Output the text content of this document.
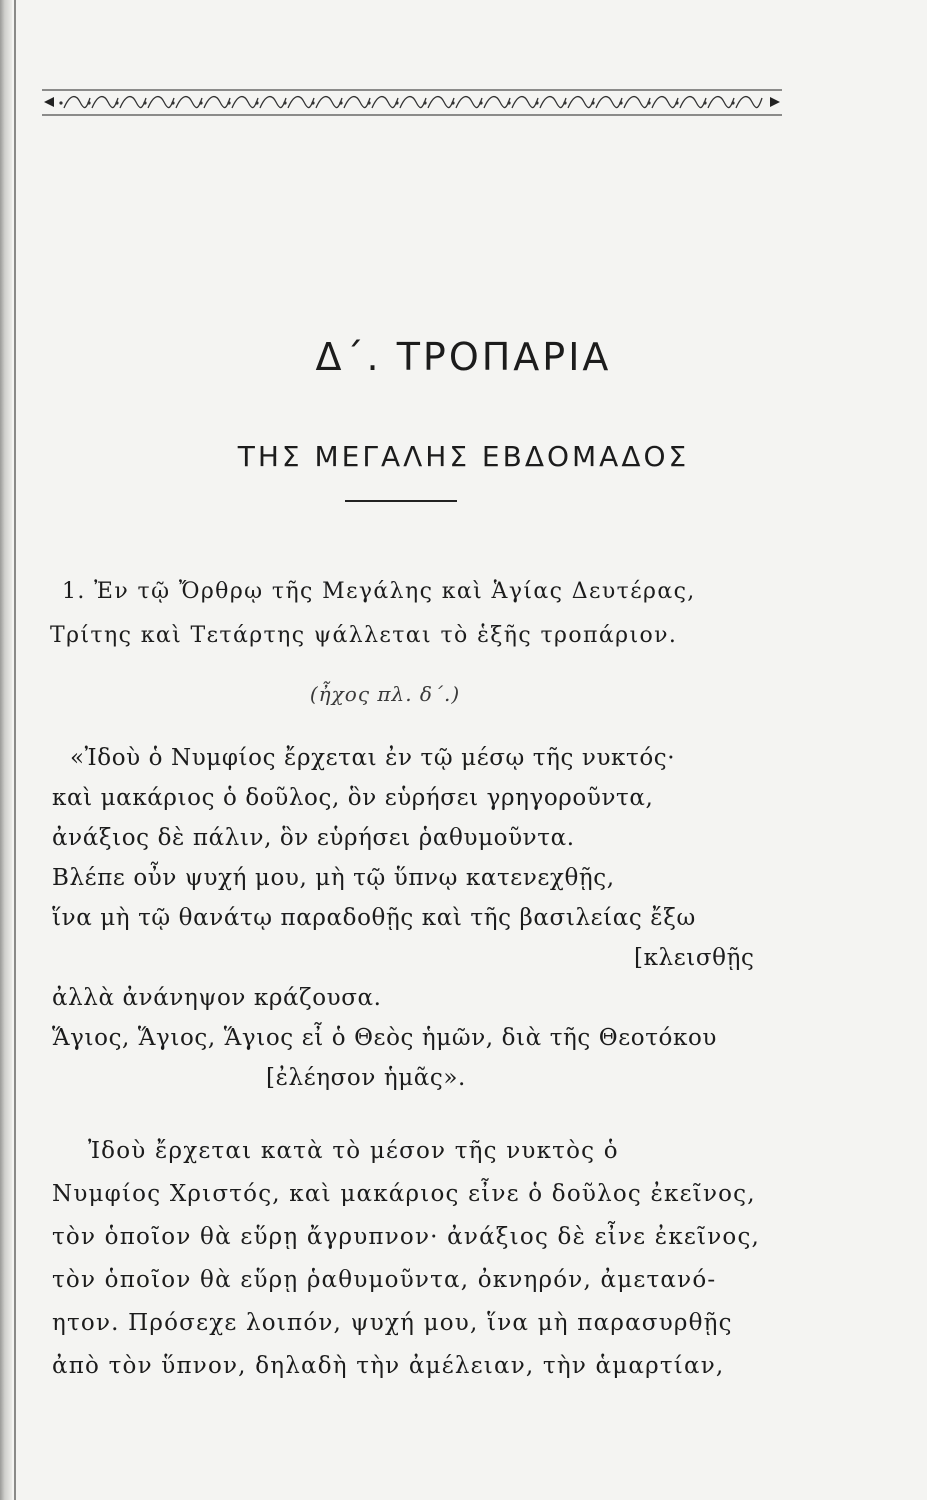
Δ΄. ΤΡΟΠΑΡΙΑ
ΤΗΣ ΜΕΓΑΛΗΣ ΕΒΔΟΜΑΔΟΣ
1. Ἐν τῷ Ὄρθρῳ τῆς Μεγάλης καὶ Ἁγίας Δευτέρας,
Τρίτης καὶ Τετάρτης ψάλλεται τὸ ἑξῆς τροπάριον.
(ἦχος πλ. δ΄.)
«Ἰδοὺ ὁ Νυμφίος ἔρχεται ἐν τῷ μέσῳ τῆς νυκτός·
καὶ μακάριος ὁ δοῦλος, ὃν εὑρήσει γρηγοροῦντα,
ἀνάξιος δὲ πάλιν, ὃν εὑρήσει ῥαθυμοῦντα.
Βλέπε οὖν ψυχή μου, μὴ τῷ ὕπνῳ κατενεχθῇς,
ἵνα μὴ τῷ θανάτῳ παραδοθῇς καὶ τῆς βασιλείας ἔξω
[κλεισθῇς
ἀλλὰ ἀνάνηψον κράζουσα.
Ἅγιος, Ἅγιος, Ἅγιος εἶ ὁ Θεὸς ἡμῶν, διὰ τῆς Θεοτόκου
[ἐλέησον ἡμᾶς».
Ἰδοὺ ἔρχεται κατὰ τὸ μέσον τῆς νυκτὸς ὁ
Νυμφίος Χριστός, καὶ μακάριος εἶνε ὁ δοῦλος ἐκεῖνος,
τὸν ὁποῖον θὰ εὕρῃ ἄγρυπνον· ἀνάξιος δὲ εἶνε ἐκεῖνος,
τὸν ὁποῖον θὰ εὕρῃ ῥαθυμοῦντα, ὀκνηρόν, ἀμετανό-
ητον. Πρόσεχε λοιπόν, ψυχή μου, ἵνα μὴ παρασυρθῇς
ἀπὸ τὸν ὕπνον, δηλαδὴ τὴν ἀμέλειαν, τὴν ἁμαρτίαν,
